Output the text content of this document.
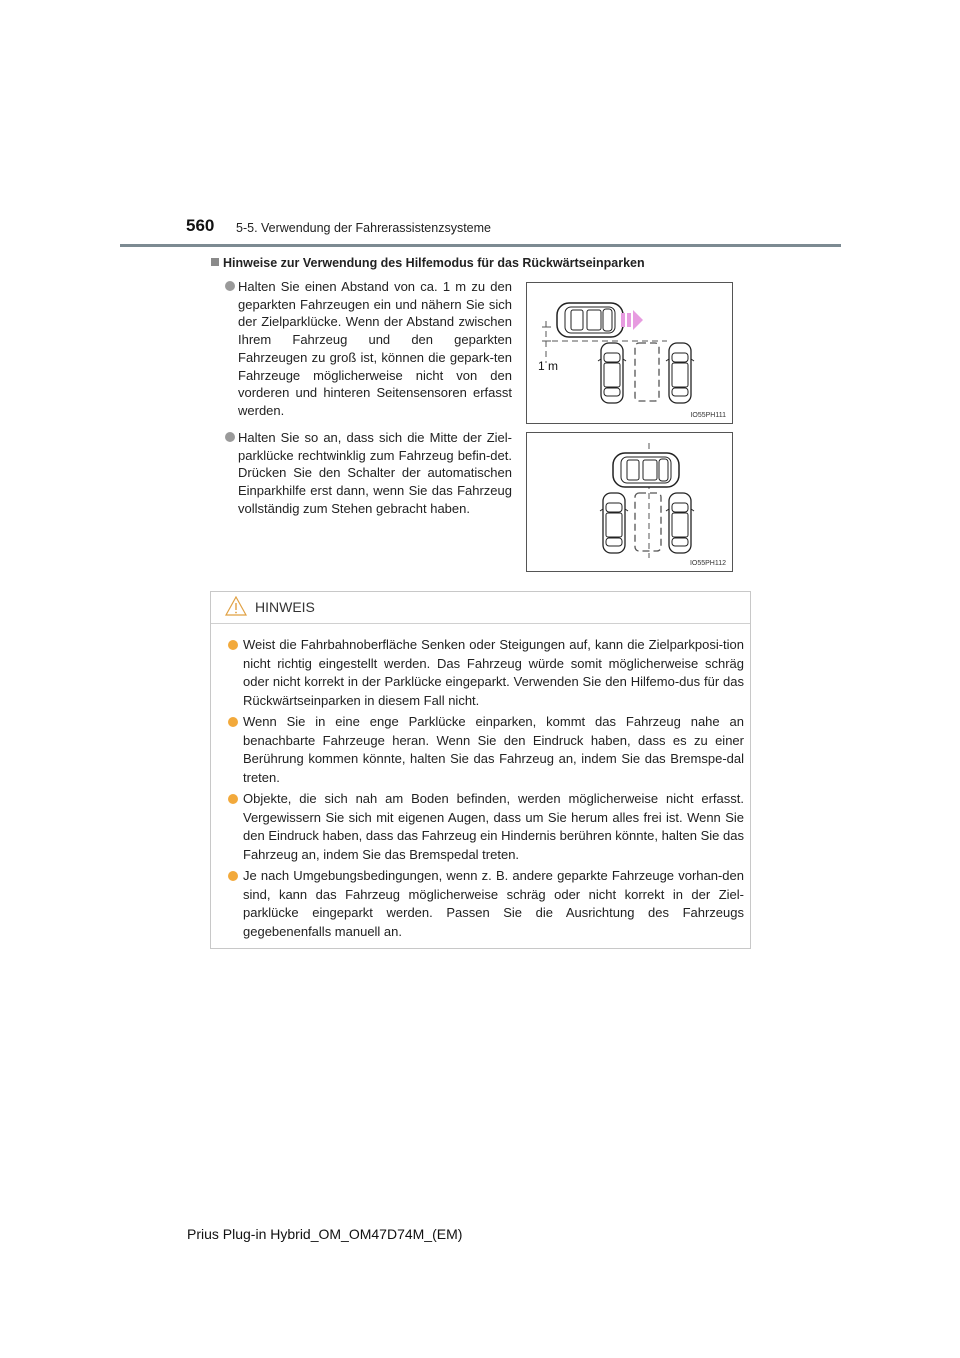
560 5-5. Verwendung der Fahrerassistenzsysteme
Hinweise zur Verwendung des Hilfemodus für das Rückwärtseinparken

Halten Sie einen Abstand von ca. 1 m zu den geparkten Fahrzeugen ein und nähern Sie sich der Zielparklücke. Wenn der Abstand zwischen Ihrem Fahrzeug und den geparkten Fahrzeugen zu groß ist, können die gepark-ten Fahrzeuge möglicherweise nicht von den vorderen und hinteren Seitensensoren erfasst werden.

Halten Sie so an, dass sich die Mitte der Ziel-parklücke rechtwinklig zum Fahrzeug befin-det. Drücken Sie den Schalter der automatischen Einparkhilfe erst dann, wenn Sie das Fahrzeug vollständig zum Stehen gebracht haben.

1 m
IO55PH111
IO55PH112
HINWEIS

Weist die Fahrbahnoberfläche Senken oder Steigungen auf, kann die Zielparkposi-tion nicht richtig eingestellt werden. Das Fahrzeug würde somit möglicherweise schräg oder nicht korrekt in der Parklücke eingeparkt. Verwenden Sie den Hilfemo-dus für das Rückwärtseinparken in diesem Fall nicht.

Wenn Sie in eine enge Parklücke einparken, kommt das Fahrzeug nahe an benachbarte Fahrzeuge heran. Wenn Sie den Eindruck haben, dass es zu einer Berührung kommen könnte, halten Sie das Fahrzeug an, indem Sie das Bremspe-dal treten.

Objekte, die sich nah am Boden befinden, werden möglicherweise nicht erfasst. Vergewissern Sie sich mit eigenen Augen, dass um Sie herum alles frei ist. Wenn Sie den Eindruck haben, dass das Fahrzeug ein Hindernis berühren könnte, halten Sie das Fahrzeug an, indem Sie das Bremspedal treten.

Je nach Umgebungsbedingungen, wenn z. B. andere geparkte Fahrzeuge vorhan-den sind, kann das Fahrzeug möglicherweise schräg oder nicht korrekt in der Ziel-parklücke eingeparkt werden. Passen Sie die Ausrichtung des Fahrzeugs gegebenenfalls manuell an.

Prius Plug-in Hybrid_OM_OM47D74M_(EM)
